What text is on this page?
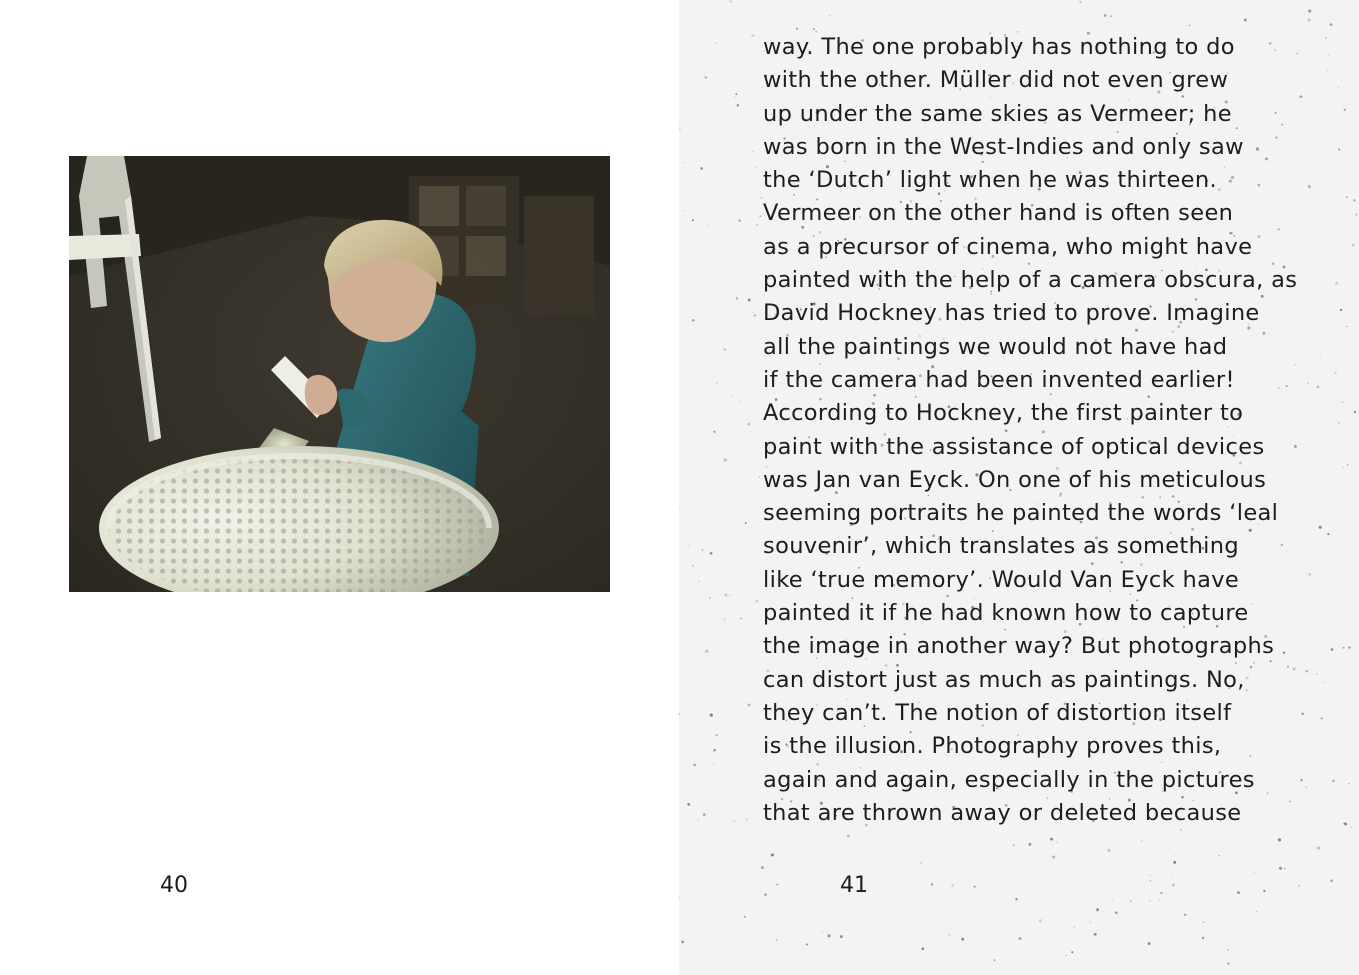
40
way. The one probably has nothing to do
with the other. Müller did not even grew
up under the same skies as Vermeer; he
was born in the West-Indies and only saw
the ‘Dutch’ light when he was thirteen.
Vermeer on the other hand is often seen
as a precursor of cinema, who might have
painted with the help of a camera obscura, as
David Hockney has tried to prove. Imagine
all the paintings we would not have had
if the camera had been invented earlier!
According to Hockney, the first painter to
paint with the assistance of optical devices
was Jan van Eyck. On one of his meticulous
seeming portraits he painted the words ‘leal
souvenir’, which translates as something
like ‘true memory’. Would Van Eyck have
painted it if he had known how to capture
the image in another way? But photographs
can distort just as much as paintings. No,
they can’t. The notion of distortion itself
is the illusion. Photography proves this,
again and again, especially in the pictures
that are thrown away or deleted because
41
